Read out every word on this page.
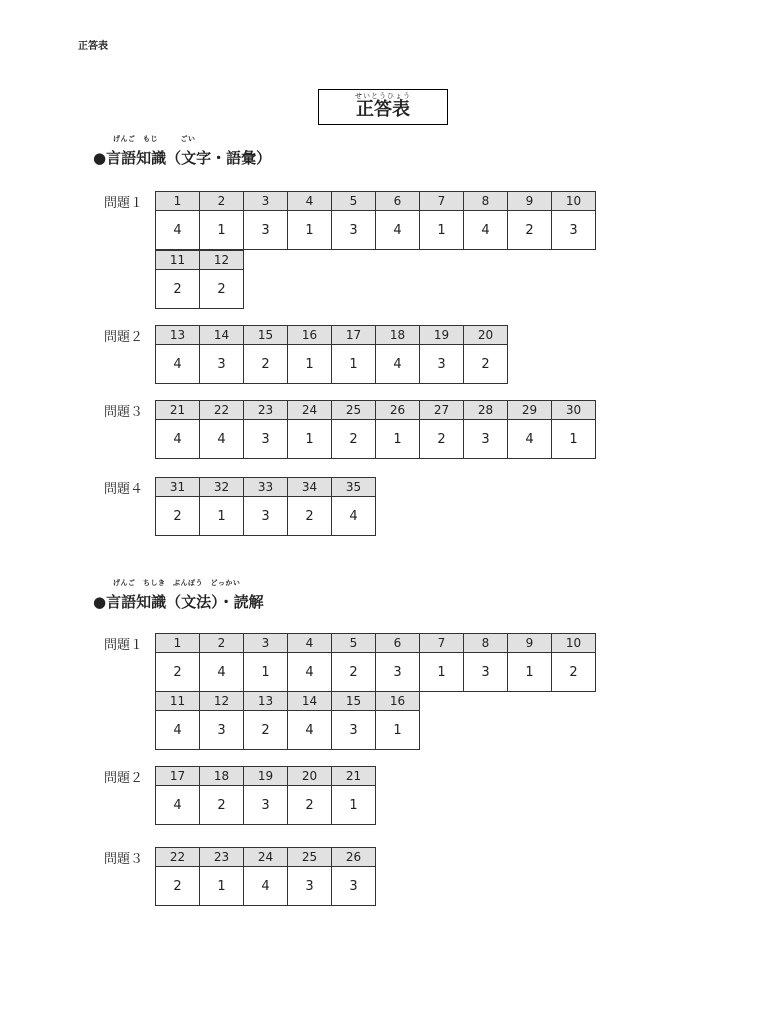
正答表
せいとうひょう
正答表
げんご　もじ　　　ごい
●言語知識（文字・語彙）
問題１	1	2	3	4	5	6	7	8	9	10
4	1	3	1	3	4	1	4	2	3
11	12
2	2
問題２ 13	14	15	16	17	18	19	20
4	3	2	1	1	4	3	2
問題３ 21	22	23	24	25	26	27	28	29	30
4	4	3	1	2	1	2	3	4	1
問題４ 31	32	33	34	35
2	1	3	2	4
げんご　ちしき　ぶんぽう　どっかい
●言語知識（文法）・読解
問題１	1	2	3	4	5	6	7	8	9	10
2	4	1	4	2	3	1	3	1	2
11	12	13	14	15	16
4	3	2	4	3	1
問題２ 17	18	19	20	21
4	2	3	2	1
問題３ 22	23	24	25	26
2	1	4	3	3
